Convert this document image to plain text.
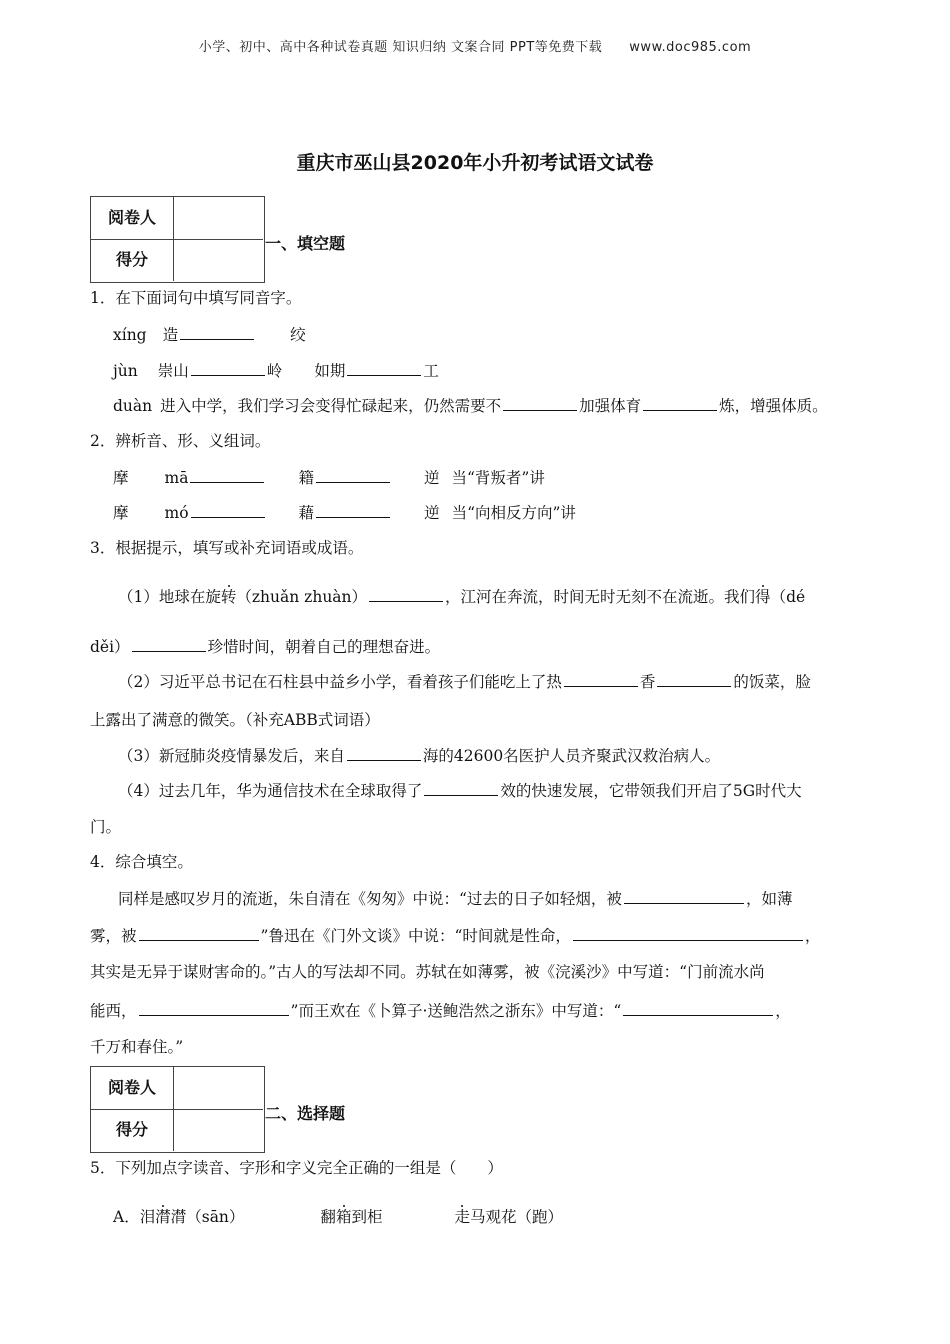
小学、初中、高中各种试卷真题 知识归纳 文案合同 PPT等免费下载　　www.doc985.com
重庆市巫山县2020年小升初考试语文试卷
阅卷人
得分
一、填空题
1．在下面词句中填写同音字。
xíng 造	绞
jùn 崇山	岭 如期	工
duàn 进入中学，我们学习会变得忙碌起来，仍然需要不	加强体育	炼，增强体质。
2．辨析音、形、义组词。
摩 mā	籍	逆 当“背叛者”讲
摩 mó	藉	逆 当“向相反方向”讲
3．根据提示，填写或补充词语或成语。
（1）地球在旋转（zhuǎn zhuàn）	，江河在奔流，时间无时无刻不在流逝。我们得（dé
děi）	珍惜时间，朝着自己的理想奋进。
（2）习近平总书记在石柱县中益乡小学，看着孩子们能吃上了热	香	的饭菜，脸
上露出了满意的微笑。（补充ABB式词语）
（3）新冠肺炎疫情暴发后，来自	海的42600名医护人员齐聚武汉救治病人。
（4）过去几年，华为通信技术在全球取得了	效的快速发展，它带领我们开启了5G时代大
门。
4．综合填空。
同样是感叹岁月的流逝，朱自清在《匆匆》中说：“过去的日子如轻烟，被	，如薄
雾，被	”鲁迅在《门外文谈》中说：“时间就是性命，	，
其实是无异于谋财害命的。”古人的写法却不同。苏轼在如薄雾，被《浣溪沙》中写道：“门前流水尚
能西，	”而王欢在《卜算子·送鲍浩然之浙东》中写道：“	，
千万和春住。”
阅卷人
得分
二、选择题
5．下列加点字读音、字形和字义完全正确的一组是（　　）
A．泪潸潸（sān）	翻箱到柜	走马观花（跑）
